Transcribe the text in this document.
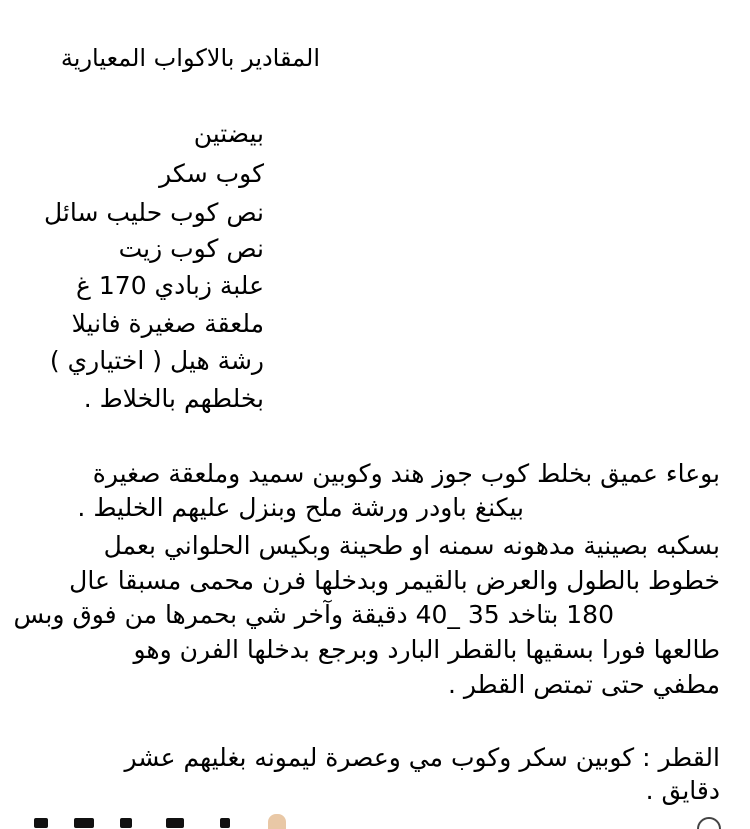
المقادير بالاكواب المعيارية
بيضتين
كوب سكر
نص كوب حليب سائل
نص كوب زيت
علبة زبادي 170 غ
ملعقة صغيرة فانيلا
رشة هيل ( اختياري )
بخلطهم بالخلاط .
بوعاء عميق بخلط كوب جوز هند وكوبين سميد وملعقة صغيرة
بيكنغ باودر ورشة ملح وبنزل عليهم الخليط .
بسكبه بصينية مدهونه سمنه او طحينة وبكيس الحلواني بعمل
خطوط بالطول والعرض بالقيمر وبدخلها فرن محمى مسبقا عال
180 بتاخد 35 _40 دقيقة وآخر شي بحمرها من فوق وبس
طالعها فورا بسقيها بالقطر البارد وبرجع بدخلها الفرن وهو
مطفي حتى تمتص القطر .
القطر : كوبين سكر وكوب مي وعصرة ليمونه بغليهم عشر
دقايق .
